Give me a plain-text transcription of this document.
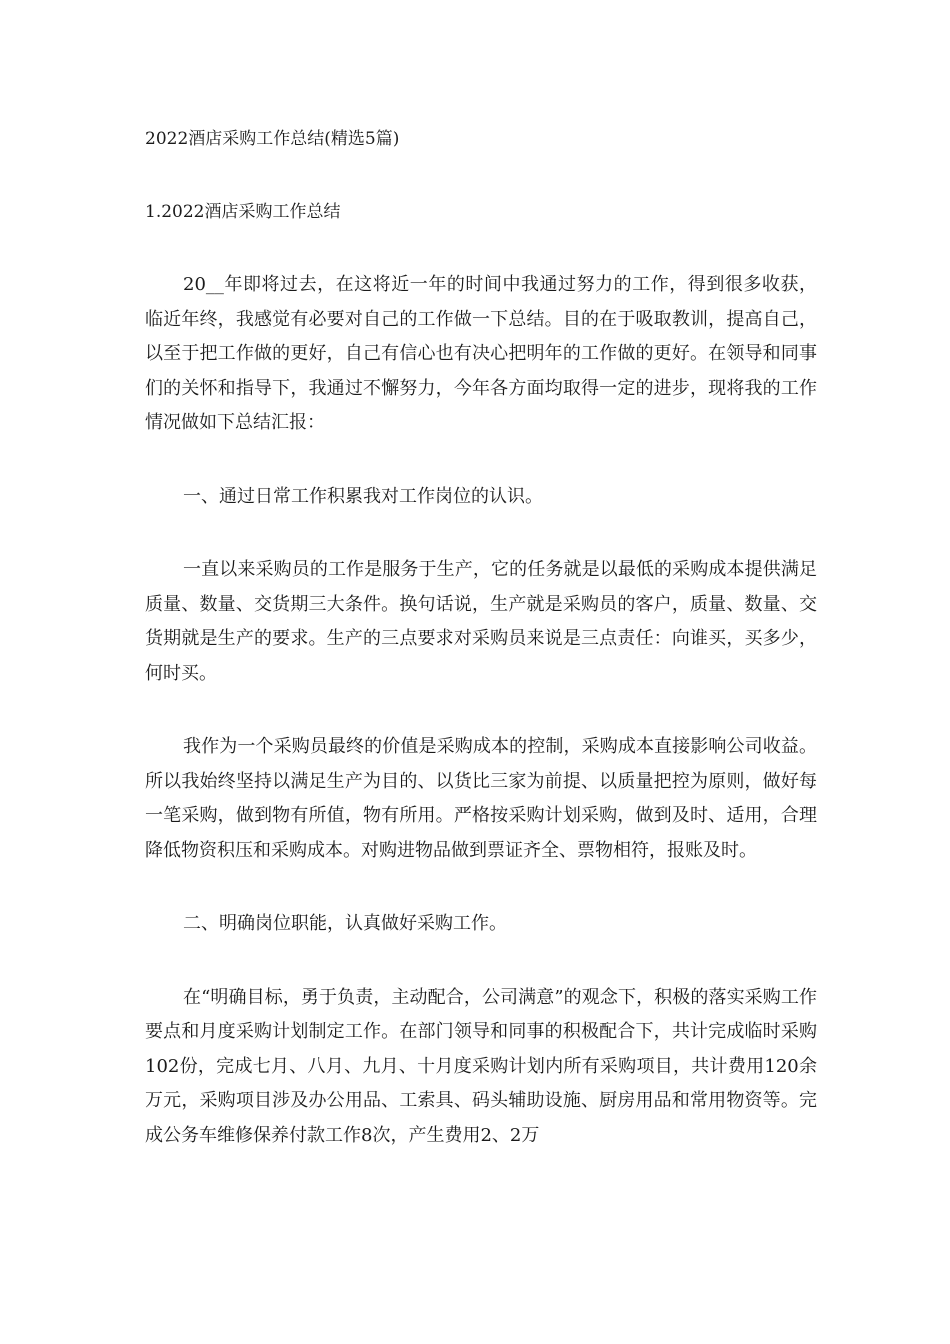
2022酒店采购工作总结(精选5篇)
1.2022酒店采购工作总结

20__年即将过去，在这将近一年的时间中我通过努力的工作，得到很多收获，临近年终，我感觉有必要对自己的工作做一下总结。目的在于吸取教训，提高自己，以至于把工作做的更好，自己有信心也有决心把明年的工作做的更好。在领导和同事们的关怀和指导下，我通过不懈努力，今年各方面均取得一定的进步，现将我的工作情况做如下总结汇报：

一、通过日常工作积累我对工作岗位的认识。

一直以来采购员的工作是服务于生产，它的任务就是以最低的采购成本提供满足质量、数量、交货期三大条件。换句话说，生产就是采购员的客户，质量、数量、交货期就是生产的要求。生产的三点要求对采购员来说是三点责任：向谁买，买多少，何时买。

我作为一个采购员最终的价值是采购成本的控制，采购成本直接影响公司收益。所以我始终坚持以满足生产为目的、以货比三家为前提、以质量把控为原则，做好每一笔采购，做到物有所值，物有所用。严格按采购计划采购，做到及时、适用，合理降低物资积压和采购成本。对购进物品做到票证齐全、票物相符，报账及时。

二、明确岗位职能，认真做好采购工作。

在“明确目标，勇于负责，主动配合，公司满意”的观念下，积极的落实采购工作要点和月度采购计划制定工作。在部门领导和同事的积极配合下，共计完成临时采购102份，完成七月、八月、九月、十月度采购计划内所有采购项目，共计费用120余万元，采购项目涉及办公用品、工索具、码头辅助设施、厨房用品和常用物资等。完成公务车维修保养付款工作8次，产生费用2、2万
